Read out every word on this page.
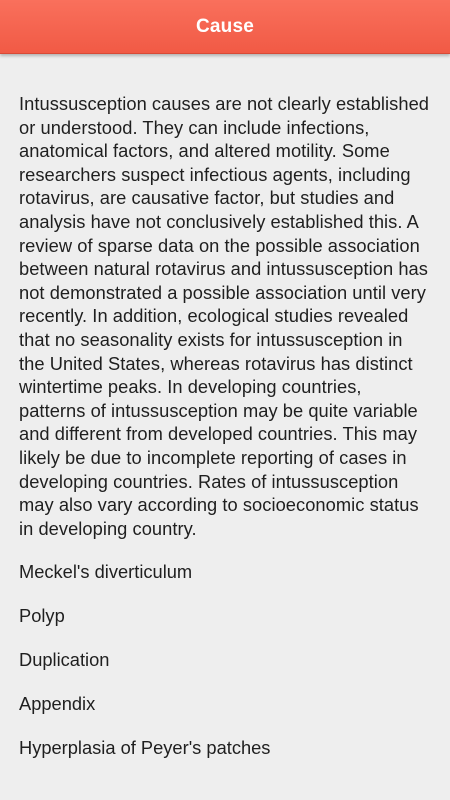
Cause

Intussusception causes are not clearly established or understood. They can include infections, anatomical factors, and altered motility. Some researchers suspect infectious agents, including rotavirus, are causative factor, but studies and analysis have not conclusively established this. A review of sparse data on the possible association between natural rotavirus and intussusception has not demonstrated a possible association until very recently. In addition, ecological studies revealed that no seasonality exists for intussusception in the United States, whereas rotavirus has distinct wintertime peaks. In developing countries, patterns of intussusception may be quite variable and different from developed countries. This may likely be due to incomplete reporting of cases in developing countries. Rates of intussusception may also vary according to socioeconomic status in developing country.

Meckel's diverticulum
Polyp
Duplication
Appendix
Hyperplasia of Peyer's patches
